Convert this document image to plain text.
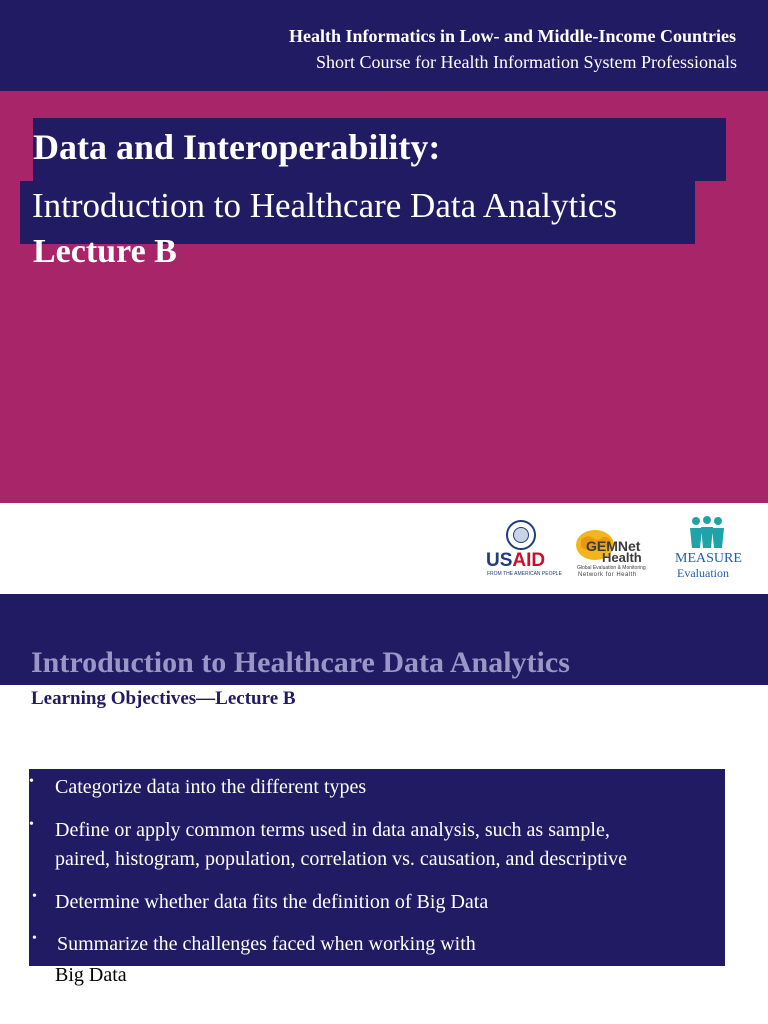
Health Informatics in Low- and Middle-Income Countries
Short Course for Health Information System Professionals
Data and Interoperability:
Introduction to Healthcare Data Analytics
Lecture B
USAID
FROM THE AMERICAN PEOPLE
GEMNet
Health
Global Evaluation & Monitoring
Network for Health
MEASURE
Evaluation
Introduction to Healthcare Data Analytics
Learning Objectives—Lecture B
• Categorize data into the different types
• Define or apply common terms used in data analysis, such as sample,
paired, histogram, population, correlation vs. causation, and descriptive
• Determine whether data fits the definition of Big Data
• Summarize the challenges faced when working with
Big Data
